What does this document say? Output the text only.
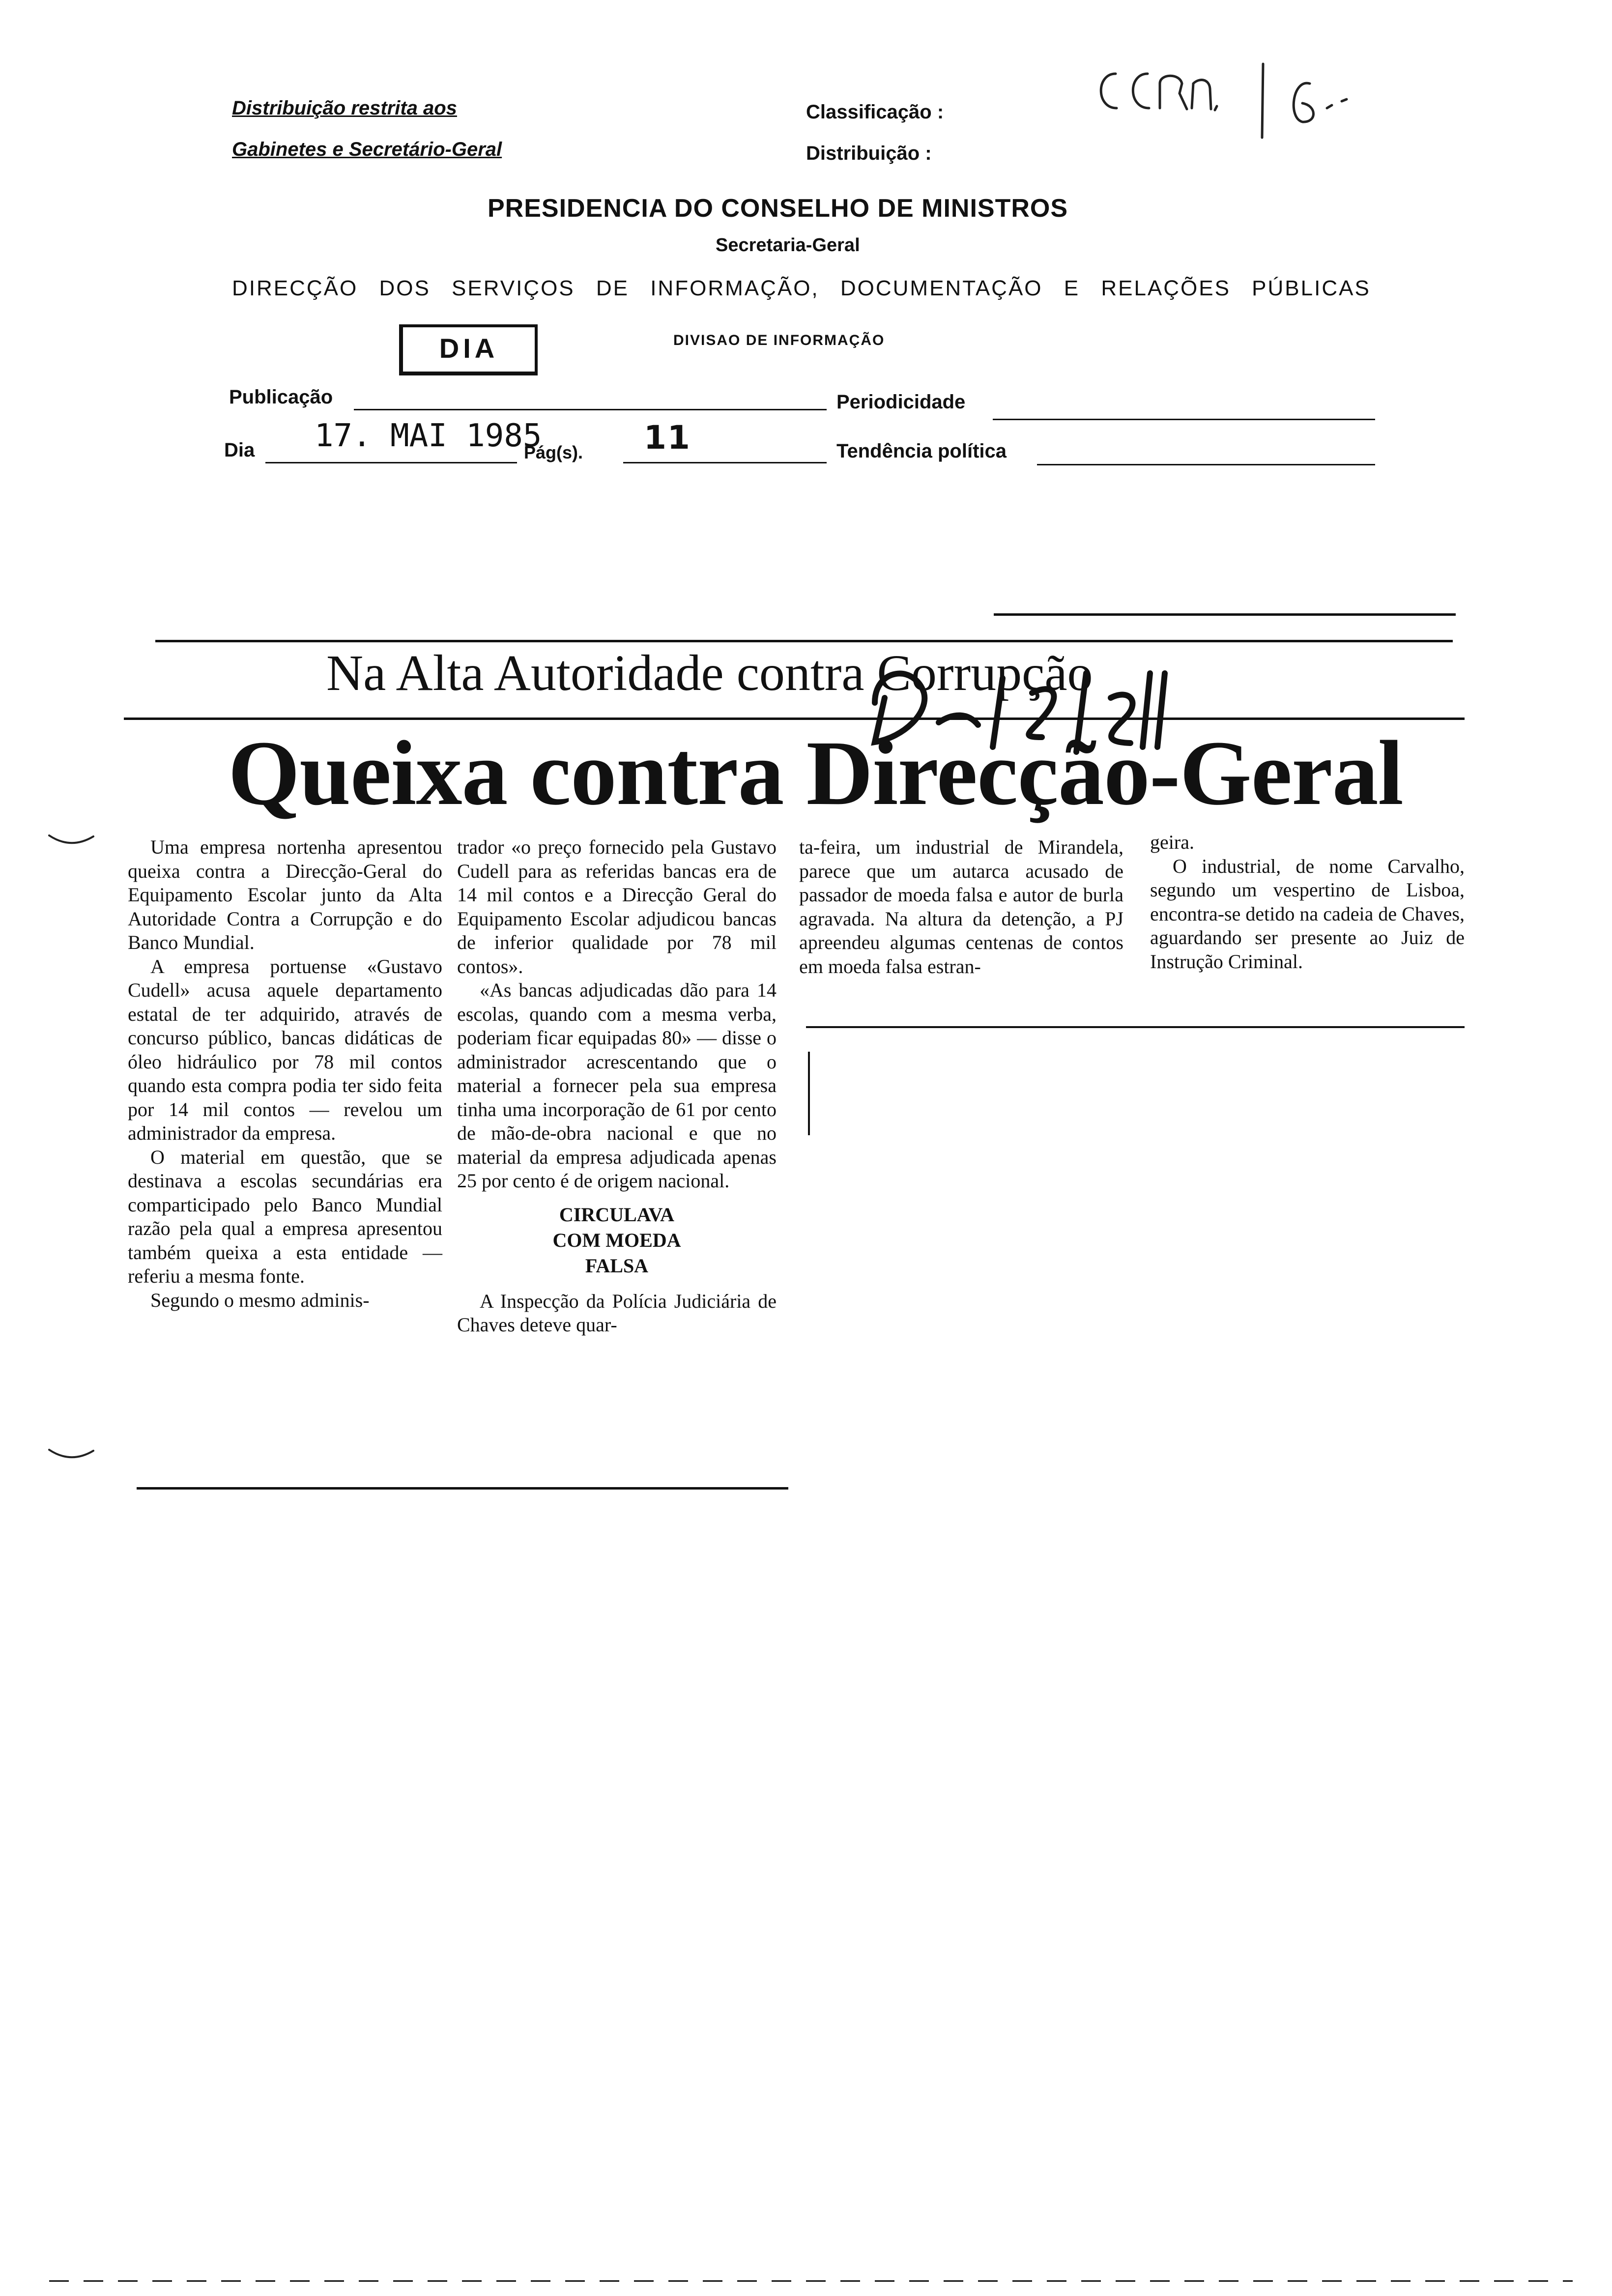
Distribuição restrita aos
Gabinetes e Secretário-Geral
Classificação :
Distribuição :
PRESIDENCIA DO CONSELHO DE MINISTROS
Secretaria-Geral
DIRECÇÃO DOS SERVIÇOS DE INFORMAÇÃO, DOCUMENTAÇÃO E RELAÇÕES PÚBLICAS
DIA	DIVISAO DE INFORMAÇÃO
Publicação	Periodicidade
Dia 17. MAI 1985
Pág(s). 11	Tendência política
Na Alta Autoridade contra Corrupção
Queixa contra Direcção-Geral

Uma empresa nortenha apresentou queixa contra a Direcção-Geral do Equipamento Escolar junto da Alta Autoridade Contra a Corrupção e do Banco Mundial.

A empresa portuense «Gustavo Cudell» acusa aquele departamento estatal de ter adquirido, através de concurso público, bancas didáticas de óleo hidráulico por 78 mil contos quando esta compra podia ter sido feita por 14 mil contos — revelou um administrador da empresa.

O material em questão, que se destinava a escolas secundárias era comparticipado pelo Banco Mundial razão pela qual a empresa apresentou também queixa a esta entidade — referiu a mesma fonte.

Segundo o mesmo adminis-

trador «o preço fornecido pela Gustavo Cudell para as referidas bancas era de 14 mil contos e a Direcção Geral do Equipamento Escolar adjudicou bancas de inferior qualidade por 78 mil contos».

«As bancas adjudicadas dão para 14 escolas, quando com a mesma verba, poderiam ficar equipadas 80» — disse o administrador acrescentando que o material a fornecer pela sua empresa tinha uma incorporação de 61 por cento de mão-de-obra nacional e que no material da empresa adjudicada apenas 25 por cento é de origem nacional.

CIRCULAVA
COM MOEDA
FALSA

A Inspecção da Polícia Judiciária de Chaves deteve quar-

ta-feira, um industrial de Mirandela, parece que um autarca acusado de passador de moeda falsa e autor de burla agravada. Na altura da detenção, a PJ apreendeu algumas centenas de contos em moeda falsa estran-

geira.

O industrial, de nome Carvalho, segundo um vespertino de Lisboa, encontra-se detido na cadeia de Chaves, aguardando ser presente ao Juiz de Instrução Criminal.
